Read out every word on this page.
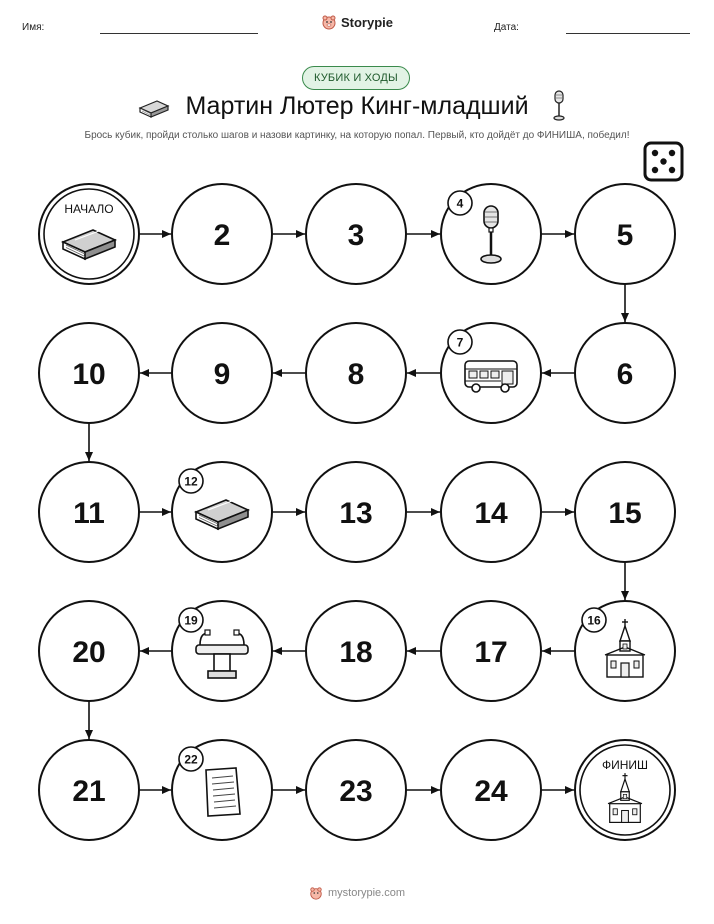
Имя:	Storypie	Дата:
КУБИК И ХОДЫ
Мартин Лютер Кинг-младший
Брось кубик, пройди столько шагов и назови картинку, на которую попал. Первый, кто дойдёт до ФИНИША, победил!
НАЧАЛО
2	3
4
5
6
7
8
9
10
11
12
13	14	15
16
17
18
19
20
21
22
23	24
ФИНИШ
mystorypie.com
